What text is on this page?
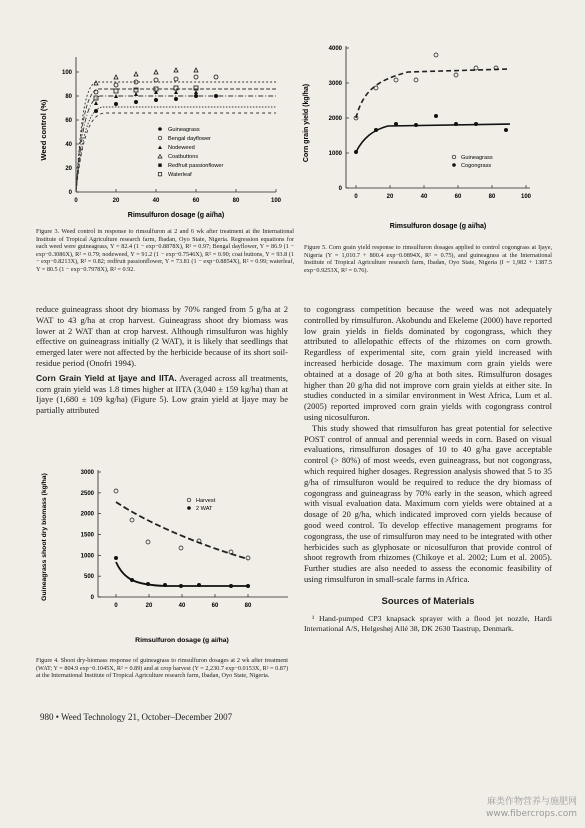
Weed control (%)
0
20
40
60
80
100
0	20	40	60	80	100
Guineagrass
Bengal dayflower
Nodeweed
Coatbuttons
Redfruit passionflower
Waterleaf
Rimsulfuron dosage (g ai/ha)
Figure 3. Weed control in response to rimsulfuron at 2 and 6 wk after treatment at the International Institute of Tropical Agriculture research farm, Ibadan, Oyo State, Nigeria. Regression equations for each weed were guineagrass, Y = 82.4 (1 − exp−0.8878X), R² = 0.97; Bengal dayflower, Y = 86.9 (1 − exp−0.3086X), R² = 0.79; nodeweed, Y = 91.2 (1 − exp−0.7546X), R² = 0.90; coat buttons, Y = 93.8 (1 − exp−0.8213X), R² = 0.82; redfruit passionflower, Y = 73.81 (1 − exp−0.8854X), R² = 0.99; waterleaf, Y = 80.5 (1 − exp−0.7978X), R² = 0.92.
Corn grain yield (kg/ha)
0
1000
2000
3000
4000
0	20	40	60	80	100
Guineagrass
Cogongrass
Rimsulfuron dosage (g ai/ha)
Figure 5. Corn grain yield response to rimsulfuron dosages applied to control cogongrass at Ijaye, Nigeria (Y = 1,010.7 + 800.4 exp−0.0894X, R² = 0.75), and guineagrass at the International Institute of Tropical Agriculture research farm, Ibadan, Oyo State, Nigeria (I = 1,982 + 1387.5 exp−0.9253X, R² = 0.76).

reduce guineagrass shoot dry biomass by 70% ranged from 5 g/ha at 2 WAT to 43 g/ha at crop harvest. Guineagrass shoot dry biomass was lower at 2 WAT than at crop harvest. Although rimsulfuron was highly effective on guineagrass initially (2 WAT), it is likely that seedlings that emerged later were not affected by the herbicide because of its short soil-residue period (Onofri 1994).

Corn Grain Yield at Ijaye and IITA. Averaged across all treatments, corn grain yield was 1.8 times higher at IITA (3,040 ± 159 kg/ha) than at Ijaye (1,680 ± 109 kg/ha) (Figure 5). Low grain yield at Ijaye may be partially attributed

Guineagrass shoot dry biomass (kg/ha)	0
500
1000
1500
2000
2500
3000
0	20	40	60	80
Harvest
2 WAT
Rimsulfuron dosage (g ai/ha)
Figure 4. Shoot dry-biomass response of guineagrass to rimsulfuron dosages at 2 wk after treatment (WAT; Y = 804.9 exp−0.1045X, R² = 0.89) and at crop harvest (Y = 2,230.7 exp−0.0153X, R² = 0.87) at the International Institute of Tropical Agriculture research farm, Ibadan, Oyo State, Nigeria.

to cogongrass competition because the weed was not adequately controlled by rimsulfuron. Akobundu and Ekeleme (2000) have reported low grain yields in fields dominated by cogongrass, which they attributed to allelopathic effects of the rhizomes on corn growth. Regardless of experimental site, corn grain yield increased with increased herbicide dosage. The maximum corn grain yields were obtained at a dosage of 20 g/ha at both sites. Rimsulfuron dosages higher than 20 g/ha did not improve corn grain yields at either site. In studies conducted in a similar environment in West Africa, Lum et al. (2005) reported improved corn grain yields with cogongrass control using nicosulfuron.

This study showed that rimsulfuron has great potential for selective POST control of annual and perennial weeds in corn. Based on visual evaluations, rimsulfuron dosages of 10 to 40 g/ha gave acceptable control (> 80%) of most weeds, even guineagrass, but not cogongrass, which required higher dosages. Regression analysis showed that 5 to 35 g/ha of rimsulfuron would be required to reduce the dry biomass of cogongrass and guineagrass by 70% early in the season, which agreed with visual evaluation data. Maximum corn yields were obtained at a dosage of 20 g/ha, which indicated improved corn yields because of good weed control. To develop effective management programs for cogongrass, the use of rimsulfuron may need to be integrated with other herbicides such as glyphosate or nicosulfuron that provide control of shoot regrowth from rhizomes (Chikoye et al. 2002; Lum et al. 2005). Further studies are also needed to assess the economic feasibility of using rimsulfuron in small-scale farms in Africa.

Sources of Materials

¹ Hand-pumped CP3 knapsack sprayer with a flood jet nozzle, Hardi International A/S, Helgeshøj Allé 38, DK 2630 Taastrup, Denmark.

980 • Weed Technology 21, October–December 2007
麻类作物营养与施肥网
www.fibercrops.com
